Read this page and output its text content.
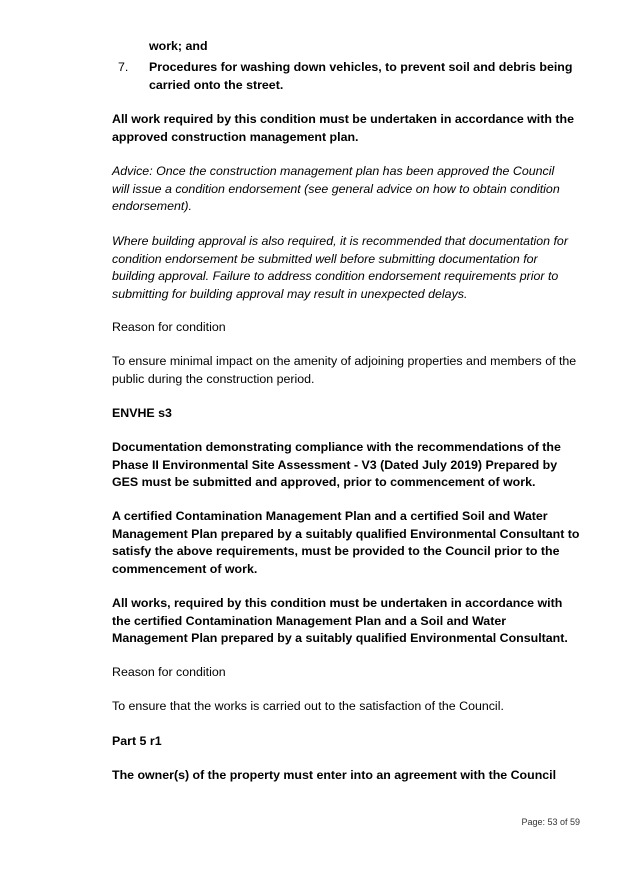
work; and

7. Procedures for washing down vehicles, to prevent soil and debris being carried onto the street.

All work required by this condition must be undertaken in accordance with the approved construction management plan.

Advice: Once the construction management plan has been approved the Council will issue a condition endorsement (see general advice on how to obtain condition endorsement).

Where building approval is also required, it is recommended that documentation for condition endorsement be submitted well before submitting documentation for building approval. Failure to address condition endorsement requirements prior to submitting for building approval may result in unexpected delays.

Reason for condition

To ensure minimal impact on the amenity of adjoining properties and members of the public during the construction period.

ENVHE s3

Documentation demonstrating compliance with the recommendations of the Phase II Environmental Site Assessment - V3 (Dated July 2019) Prepared by GES must be submitted and approved, prior to commencement of work.

A certified Contamination Management Plan and a certified Soil and Water Management Plan prepared by a suitably qualified Environmental Consultant to satisfy the above requirements, must be provided to the Council prior to the commencement of work.

All works, required by this condition must be undertaken in accordance with the certified Contamination Management Plan and a Soil and Water Management Plan prepared by a suitably qualified Environmental Consultant.

Reason for condition

To ensure that the works is carried out to the satisfaction of the Council.

Part 5 r1

The owner(s) of the property must enter into an agreement with the Council

Page: 53 of 59
